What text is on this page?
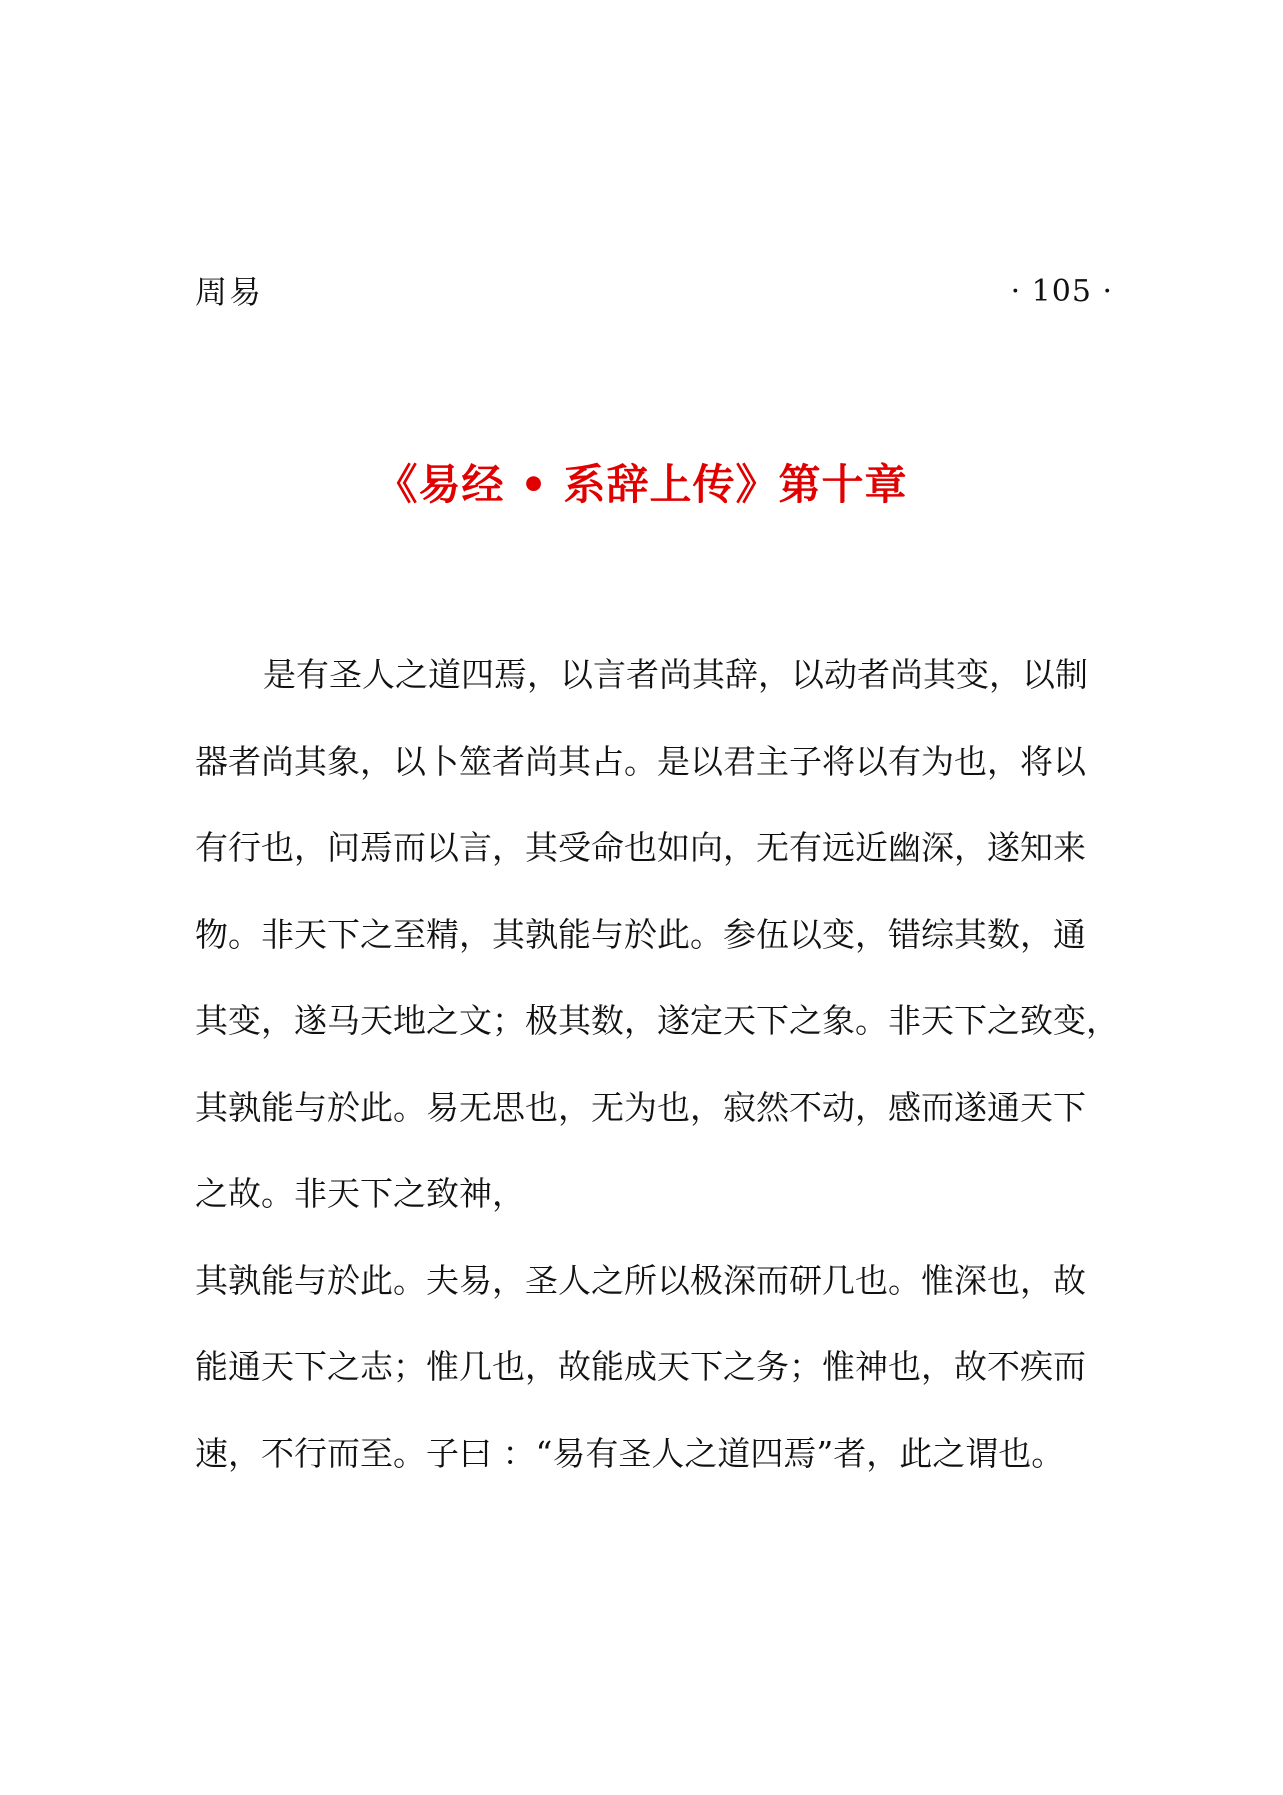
周易	· 105 ·
《易经 • 系辞上传》第十章
是有圣人之道四焉，以言者尚其辞，以动者尚其变，以制
器者尚其象，以卜筮者尚其占。是以君主子将以有为也，将以
有行也，问焉而以言，其受命也如向，无有远近幽深，遂知来
物。非天下之至精，其孰能与於此。参伍以变，错综其数，通
其变，遂马天地之文；极其数，遂定天下之象。非天下之致变，
其孰能与於此。易无思也，无为也，寂然不动，感而遂通天下
之故。非天下之致神，
其孰能与於此。夫易，圣人之所以极深而研几也。惟深也，故
能通天下之志；惟几也，故能成天下之务；惟神也，故不疾而
速，不行而至。子曰 ：“易有圣人之道四焉”者，此之谓也。
